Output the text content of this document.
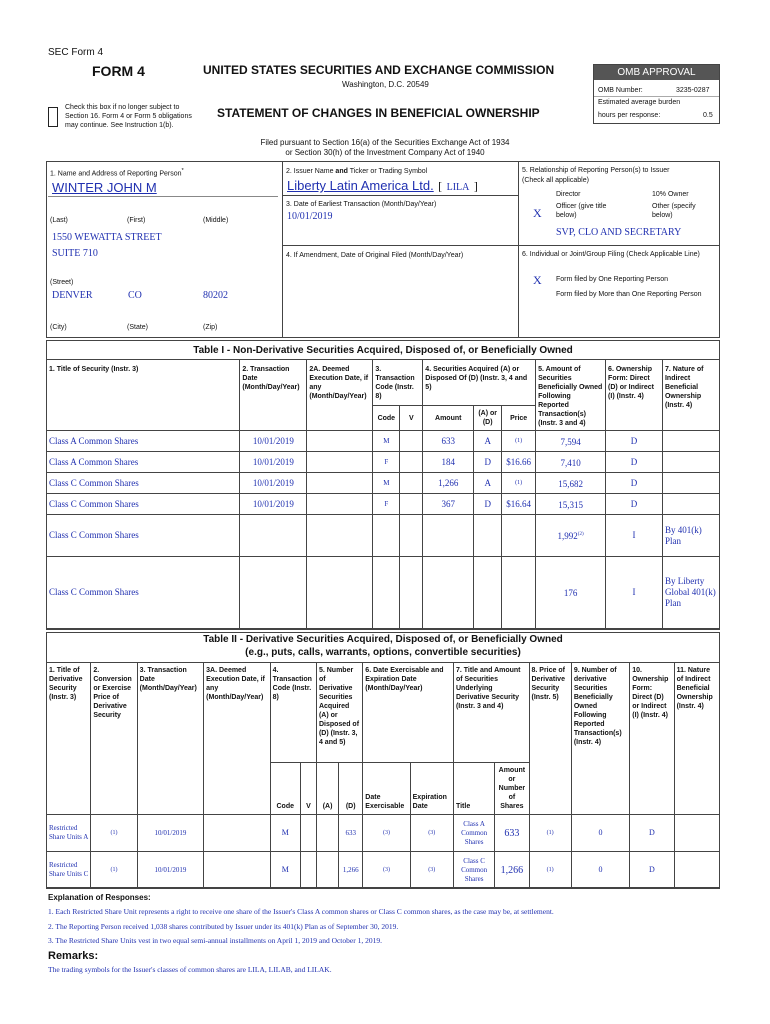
SEC Form 4
FORM 4	UNITED STATES SECURITIES AND EXCHANGE COMMISSION
Washington, D.C. 20549
Check this box if no longer subject to Section 16. Form 4 or Form 5 obligations may continue. See Instruction 1(b).
STATEMENT OF CHANGES IN BENEFICIAL OWNERSHIP
Filed pursuant to Section 16(a) of the Securities Exchange Act of 1934
or Section 30(h) of the Investment Company Act of 1940
OMB APPROVAL
OMB Number:	3235-0287
Estimated average burden
hours per response:	0.5
1. Name and Address of Reporting Person*
WINTER JOHN M
(Last)	(First)	(Middle)
1550 WEWATTA STREET
SUITE 710
(Street)
DENVER	CO	80202
(City)	(State)	(Zip)
2. Issuer Name and Ticker or Trading Symbol
Liberty Latin America Ltd. [ LILA ]
3. Date of Earliest Transaction (Month/Day/Year)
10/01/2019
4. If Amendment, Date of Original Filed (Month/Day/Year)
5. Relationship of Reporting Person(s) to Issuer
(Check all applicable)
Director	10% Owner
X Officer (give title below)
Other (specify below)
SVP, CLO AND SECRETARY
6. Individual or Joint/Group Filing (Check Applicable Line)
X Form filed by One Reporting Person
Form filed by More than One Reporting Person
Table I - Non-Derivative Securities Acquired, Disposed of, or Beneficially Owned
1. Title of Security (Instr. 3)	2. Transaction Date (Month/Day/Year)	2A. Deemed Execution Date, if any (Month/Day/Year)	3. Transaction Code (Instr. 8)		4. Securities Acquired (A) or Disposed Of (D) (Instr. 3, 4 and 5)			5. Amount of Securities Beneficially Owned Following Reported Transaction(s) (Instr. 3 and 4)	6. Ownership Form: Direct (D) or Indirect (I) (Instr. 4)	7. Nature of Indirect Beneficial Ownership (Instr. 4)
			Code	V	Amount	(A) or (D)	Price			
Class A Common Shares	10/01/2019		M		633	A	(1)	7,594	D	
Class A Common Shares	10/01/2019		F		184	D	$16.66	7,410	D	
Class C Common Shares	10/01/2019		M		1,266	A	(1)	15,682	D	
Class C Common Shares	10/01/2019		F		367	D	$16.64	15,315	D	
Class C Common Shares								1,992$^{(2)}$	I	By 401(k) Plan
Class C Common Shares								176	I	By Liberty Global 401(k) Plan
Table II - Derivative Securities Acquired, Disposed of, or Beneficially Owned
(e.g., puts, calls, warrants, options, convertible securities)
1. Title of Derivative Security (Instr. 3)	2. Conversion or Exercise Price of Derivative Security	3. Transaction Date (Month/Day/Year)	3A. Deemed Execution Date, if any (Month/Day/Year)	4. Transaction Code (Instr. 8)		5. Number of Derivative Securities Acquired (A) or Disposed of (D) (Instr. 3, 4 and 5)		6. Date Exercisable and Expiration Date (Month/Day/Year)		7. Title and Amount of Securities Underlying Derivative Security (Instr. 3 and 4)		8. Price of Derivative Security (Instr. 5)	9. Number of derivative Securities Beneficially Owned Following Reported Transaction(s) (Instr. 4)	10. Ownership Form: Direct (D) or Indirect (I) (Instr. 4)	11. Nature of Indirect Beneficial Ownership (Instr. 4)
				Code	V	(A)	(D)	Date Exercisable	Expiration Date	Title	Amount or Number of Shares				
Restricted Share Units A	(1)	10/01/2019		M			633	(3)	(3)	Class A Common Shares	633	(1)	0	D	
Restricted Share Units C	(1)	10/01/2019		M			1,266	(3)	(3)	Class C Common Shares	1,266	(1)	0	D	
Explanation of Responses:
1. Each Restricted Share Unit represents a right to receive one share of the Issuer's Class A common shares or Class C common shares, as the case may be, at settlement.
2. The Reporting Person received 1,038 shares contributed by Issuer under its 401(k) Plan as of September 30, 2019.
3. The Restricted Share Units vest in two equal semi-annual installments on April 1, 2019 and October 1, 2019.
Remarks:
The trading symbols for the Issuer's classes of common shares are LILA, LILAB, and LILAK.
